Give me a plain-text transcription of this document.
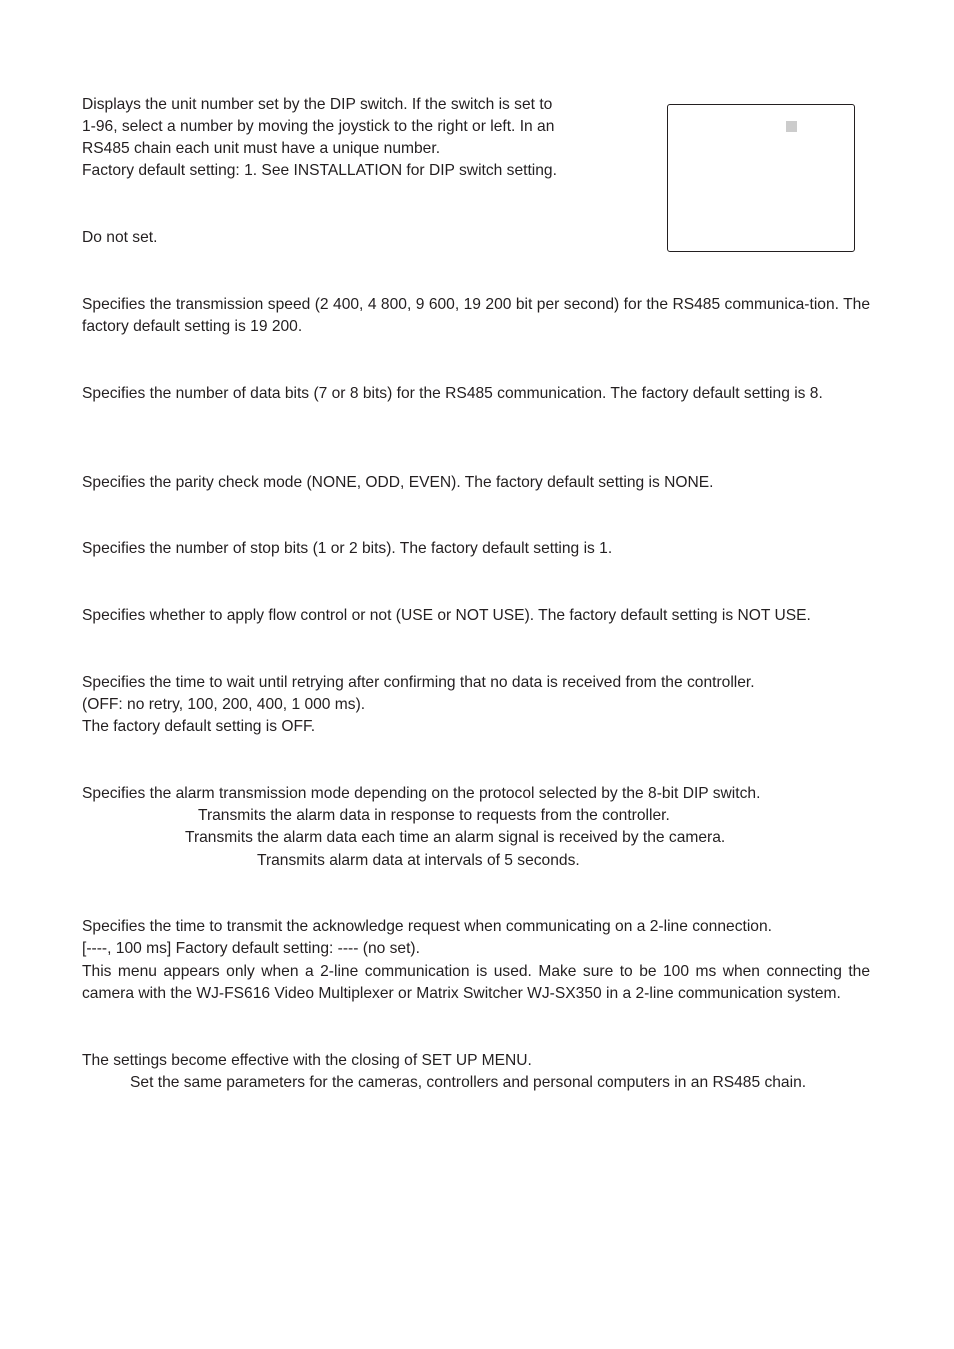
Displays the unit number set by the DIP switch. If the switch is set to
1-96, select a number by moving the joystick to the right or left. In an
RS485 chain each unit must have a unique number.
Factory default setting: 1. See INSTALLATION for DIP switch setting.
Do not set.
Specifies the transmission speed (2 400, 4 800, 9 600, 19 200 bit per second) for the RS485 communica-tion. The factory default setting is 19 200.
Specifies the number of data bits (7 or 8 bits) for the RS485 communication. The factory default setting is 8.
Specifies the parity check mode (NONE, ODD, EVEN). The factory default setting is NONE.
Specifies the number of stop bits (1 or 2 bits). The factory default setting is 1.
Specifies whether to apply flow control or not (USE or NOT USE). The factory default setting is NOT USE.
Specifies the time to wait until retrying after confirming that no data is received from the controller.
(OFF: no retry, 100, 200, 400, 1 000 ms).
The factory default setting is OFF.
Specifies the alarm transmission mode depending on the protocol selected by the 8-bit DIP switch.
Transmits the alarm data in response to requests from the controller.
Transmits the alarm data each time an alarm signal is received by the camera.
Transmits alarm data at intervals of 5 seconds.
Specifies the time to transmit the acknowledge request when communicating on a 2-line connection.
[----, 100 ms] Factory default setting: ---- (no set).
This menu appears only when a 2-line communication is used. Make sure to be 100 ms when connecting the camera with the WJ-FS616 Video Multiplexer or Matrix Switcher WJ-SX350 in a 2-line communication system.
The settings become effective with the closing of SET UP MENU.
Set the same parameters for the cameras, controllers and personal computers in an RS485 chain.
